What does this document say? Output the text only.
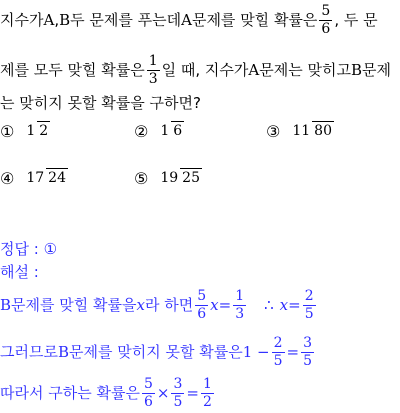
지수가A,B두 문제를 푸는데A문제를 맞힐 확률은 $\frac{5}{6}$ , 두 문
제를 모두 맞힐 확률은 $\frac{1}{3}$ 일 때, 지수가A문제는 맞히고B문제
는 맞히지 못할 확률을 구하면?
① 1 2	② 1 6	③ 11 80
④ 17 24	⑤ 19 25
정답 : ①
해설 :
B문제를 맞힐 확률을x라 하면 $\frac{5}{6} x= \frac{1}{3}$ ∴ $x= \frac{2}{5}$
그러므로B문제를 맞히지 못할 확률은$1 - \frac{2}{5} = \frac{3}{5}$
따라서 구하는 확률은 $\frac{5}{6} \times \frac{3}{5} = \frac{1}{2}$
